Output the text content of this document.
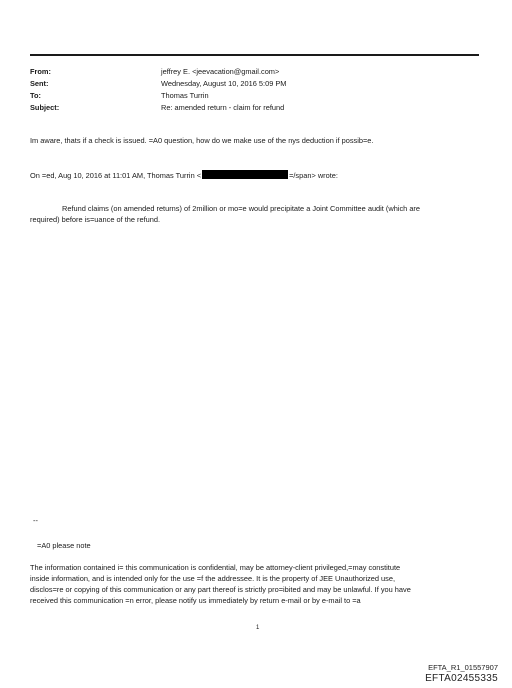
From:	jeffrey E. <jeevacation@gmail.com>
Sent:	Wednesday, August 10, 2016 5:09 PM
To:	Thomas Turrin
Subject:	Re: amended return - claim for refund
Im aware, thats if a check is issued. =A0 question, how do we make use of the nys deduction if possib=e.
On =ed, Aug 10, 2016 at 11:01 AM, Thomas Turrin <	=/span> wrote:
Refund claims (on amended returns) of 2million or mo=e would precipitate a Joint Committee audit (which are
required) before is=uance of the refund.
--
=A0 please note
The information contained i= this communication is confidential, may be attorney-client privileged,=may constitute
inside information, and is intended only for the use =f the addressee. It is the property of JEE Unauthorized use,
disclos=re or copying of this communication or any part thereof is strictly pro=ibited and may be unlawful. If you have
received this communication =n error, please notify us immediately by return e-mail or by e-mail to =a
1
EFTA_R1_01557907
EFTA02455335
